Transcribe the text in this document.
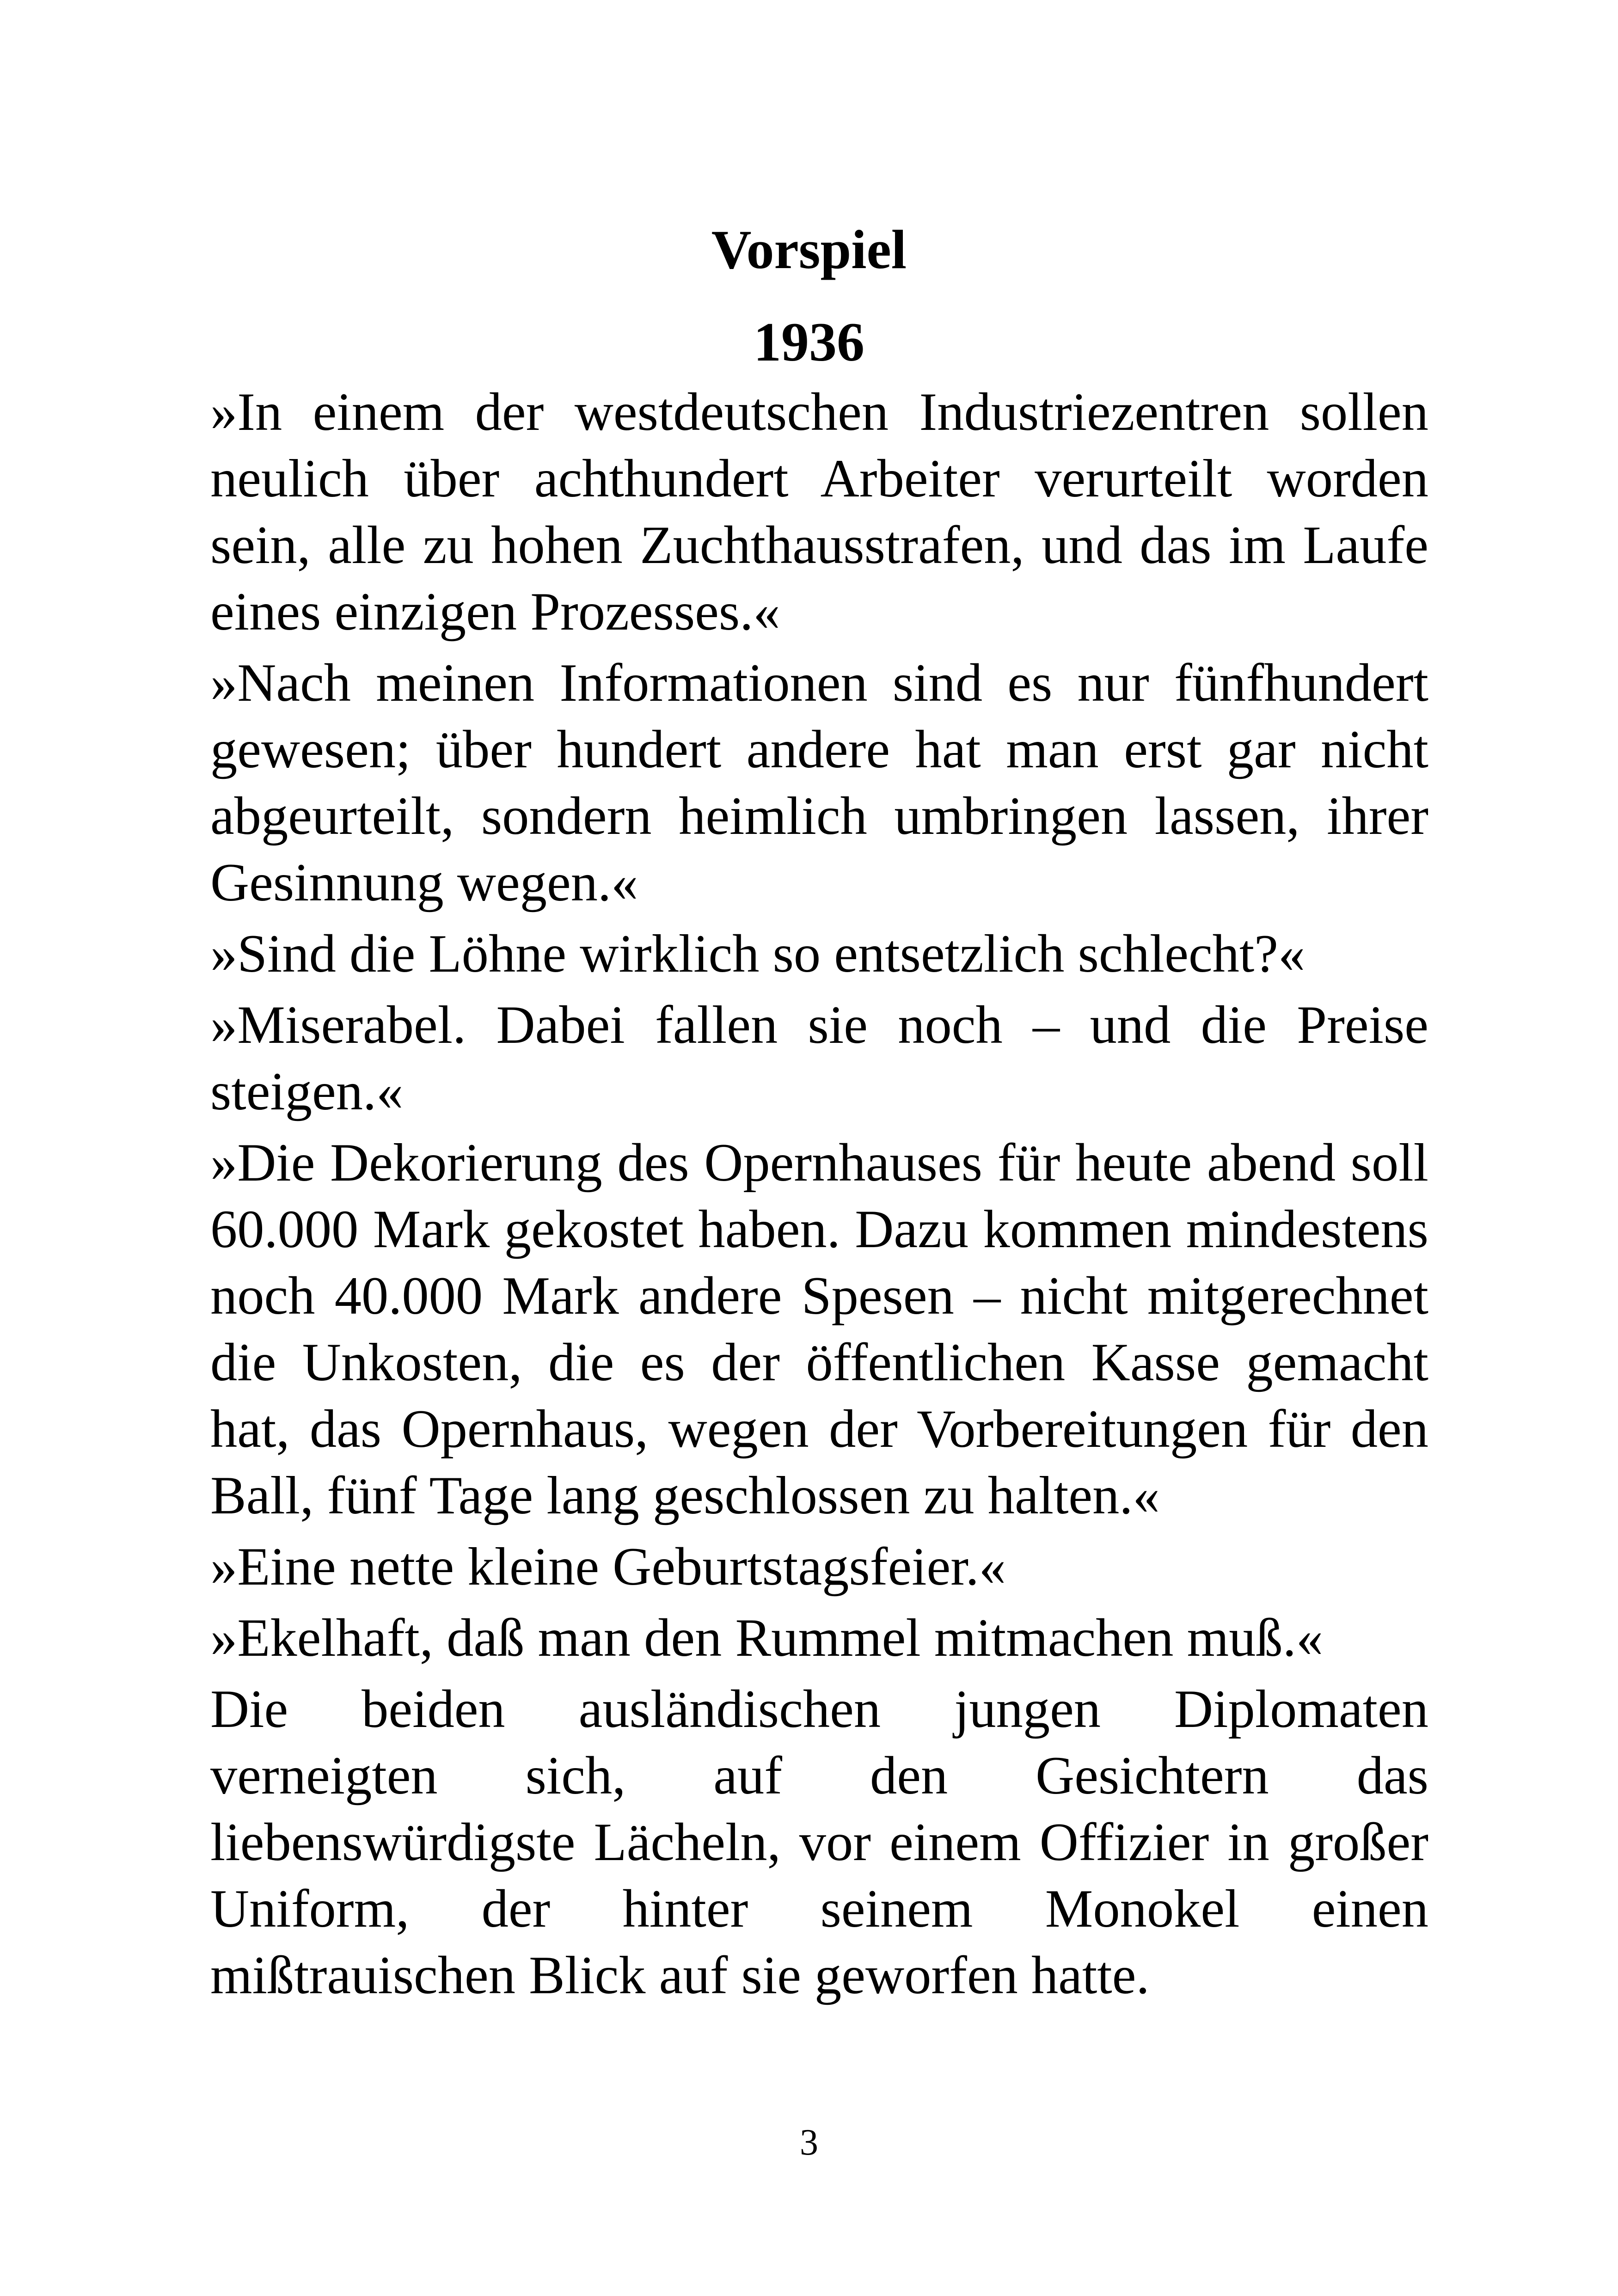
Vorspiel
1936

»In einem der westdeutschen Industriezentren sollen neulich über achthundert Arbeiter verurteilt worden sein, alle zu hohen Zuchthausstrafen, und das im Laufe eines einzigen Prozesses.«

»Nach meinen Informationen sind es nur fünfhundert gewesen; über hundert andere hat man erst gar nicht abgeurteilt, sondern heimlich umbringen lassen, ihrer Gesinnung wegen.«

»Sind die Löhne wirklich so entsetzlich schlecht?«

»Miserabel. Dabei fallen sie noch – und die Preise steigen.«

»Die Dekorierung des Opernhauses für heute abend soll 60.000 Mark gekostet haben. Dazu kommen mindestens noch 40.000 Mark andere Spesen – nicht mitgerechnet die Unkosten, die es der öffentlichen Kasse gemacht hat, das Opernhaus, wegen der Vorbereitungen für den Ball, fünf Tage lang geschlossen zu halten.«

»Eine nette kleine Geburtstagsfeier.«

»Ekelhaft, daß man den Rummel mitmachen muß.«

Die beiden ausländischen jungen Diplomaten verneigten sich, auf den Gesichtern das liebenswürdigste Lächeln, vor einem Offizier in großer Uniform, der hinter seinem Monokel einen mißtrauischen Blick auf sie geworfen hatte.

3
